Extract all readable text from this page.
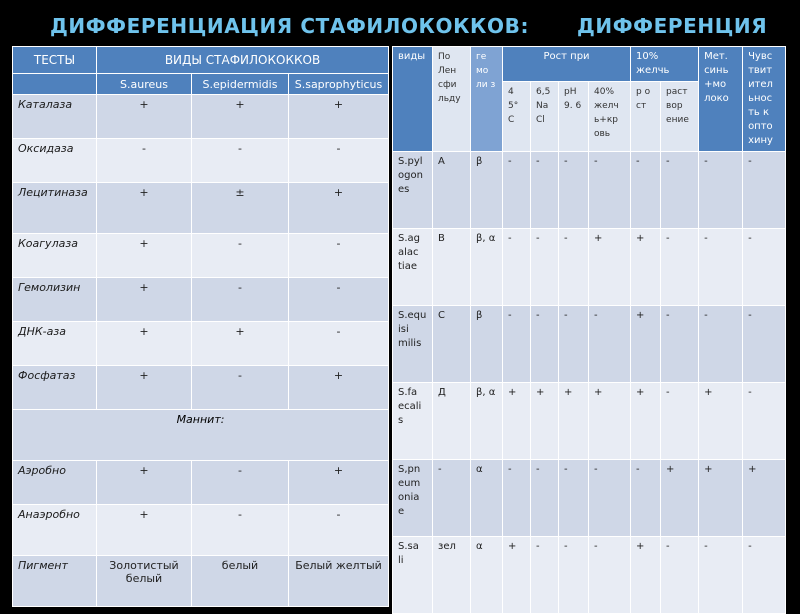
ДИФФЕРЕНЦИАЦИЯ СТАФИЛОКОККОВ: ДИФФЕРЕНЦИЯ
ТЕСТЫ	ВИДЫ СТАФИЛОКОККОВ		
	S.aureus	S.epidermidis	S.saprophyticus
Каталаза	+	+	+
Оксидаза	-	-	-
Лецитиназа	+	±	+
Коагулаза	+	-	-
Гемолизин	+	-	-
ДНК-аза	+	+	-
Фосфатаз	+	-	+
Маннит:			
Аэробно	+	-	+
Анаэробно	+	-	-
Пигмент	Золотистый белый	белый	Белый желтый
виды	По Лен сфи льду	ге мо ли з	Рост при				10% желчь		Мет. синь +мо локо	Чувс твит ител ьнос ть к опто хину
			4 5° С	6,5 Na Cl	pH 9. 6	40% желч ь+кр овь	р о ст	раст вор ение		

S.pyl ogon es	А	β	-	-	-	-	-	-	-	-
S.ag alac tiae	В	β, α	-	-	-	+	+	-	-	-
S.equ isi milis	С	β	-	-	-	-	+	-	-	-
S.fa ecali s	Д	β, α	+	+	+	+	+	-	+	-
S,pn eum onia e	-	α	-	-	-	-	-	+	+	+
S.sa li	зел	α	+	-	-	-	+	-	-	-
